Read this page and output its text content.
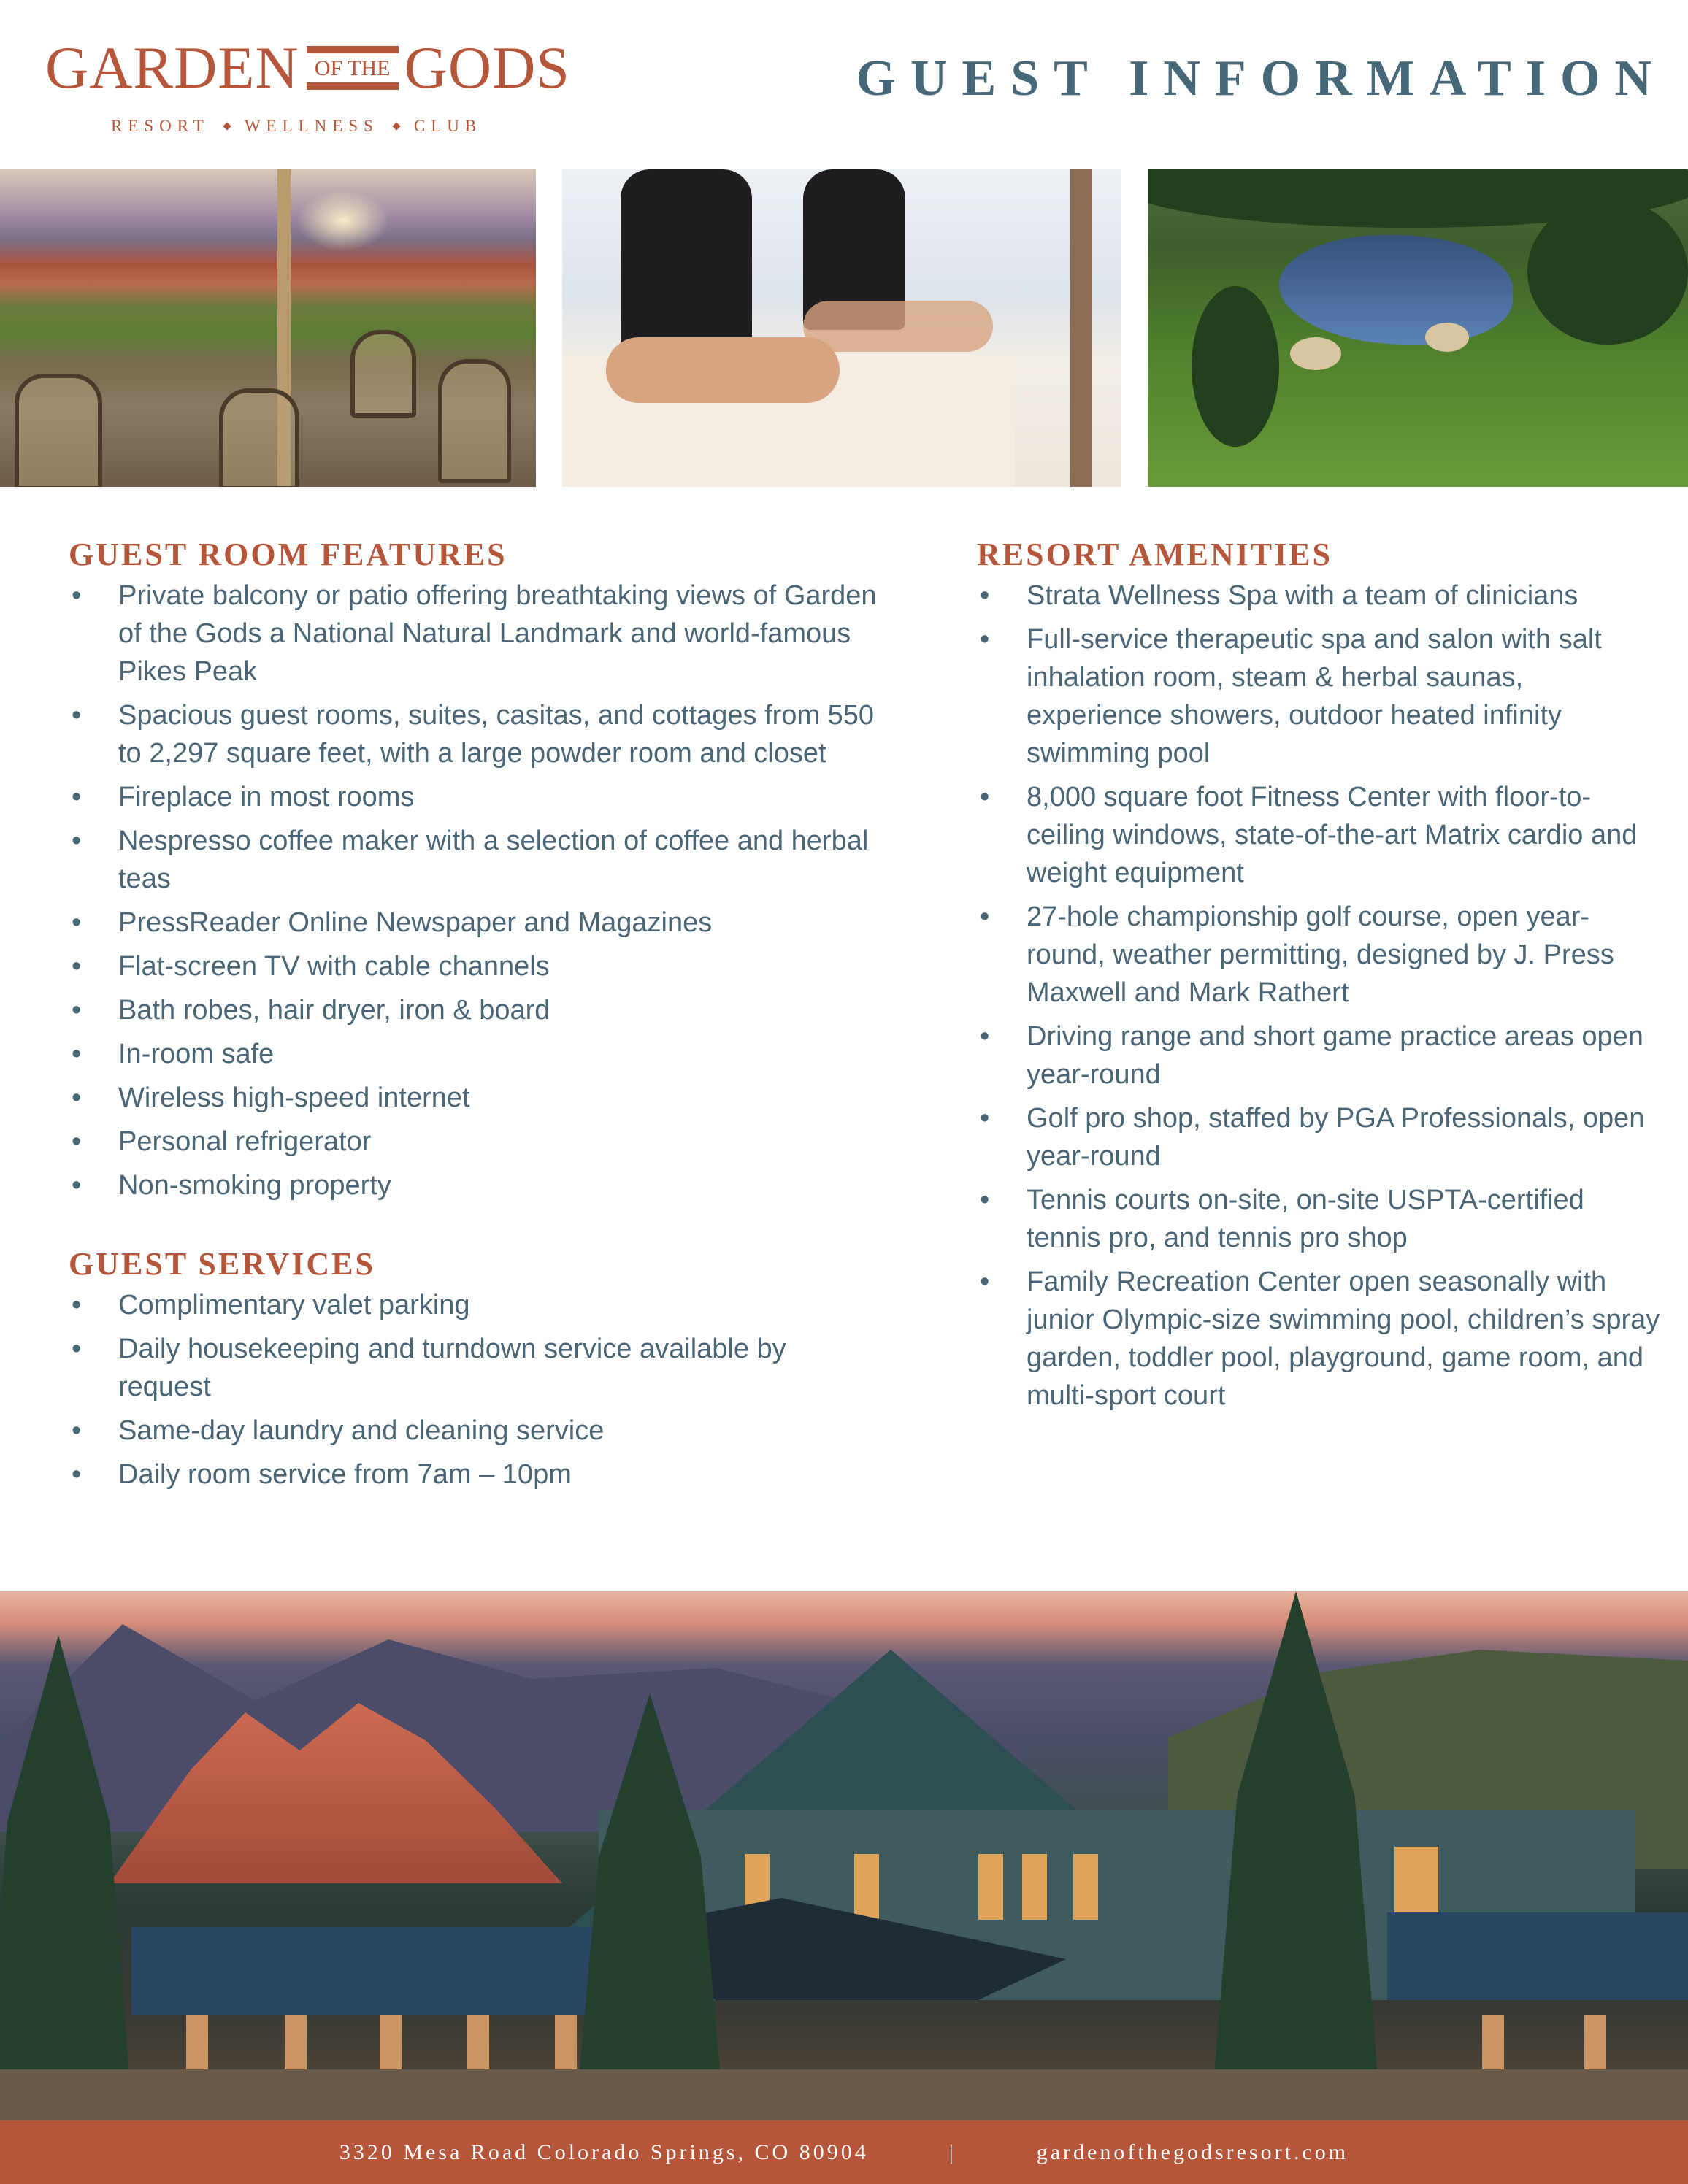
GARDEN OF THE GODS
RESORT WELLNESS CLUB
GUEST INFORMATION
GUEST ROOM FEATURES
• Private balcony or patio offering breathtaking views of Garden of the Gods a National Natural Landmark and world-famous Pikes Peak
• Spacious guest rooms, suites, casitas, and cottages from 550 to 2,297 square feet, with a large powder room and closet
• Fireplace in most rooms
• Nespresso coffee maker with a selection of coffee and herbal teas
• PressReader Online Newspaper and Magazines
• Flat-screen TV with cable channels
• Bath robes, hair dryer, iron & board
• In-room safe
• Wireless high-speed internet
• Personal refrigerator
• Non-smoking property
GUEST SERVICES
• Complimentary valet parking
• Daily housekeeping and turndown service available by request
• Same-day laundry and cleaning service
• Daily room service from 7am – 10pm
RESORT AMENITIES
• Strata Wellness Spa with a team of clinicians
• Full-service therapeutic spa and salon with salt inhalation room, steam & herbal saunas, experience showers, outdoor heated infinity swimming pool
• 8,000 square foot Fitness Center with floor-to-ceiling windows, state-of-the-art Matrix cardio and weight equipment
• 27-hole championship golf course, open year-round, weather permitting, designed by J. Press Maxwell and Mark Rathert
• Driving range and short game practice areas open year-round
• Golf pro shop, staffed by PGA Professionals, open year-round
• Tennis courts on-site, on-site USPTA-certified tennis pro, and tennis pro shop
• Family Recreation Center open seasonally with junior Olympic-size swimming pool, children’s spray garden, toddler pool, playground, game room, and multi-sport court
3320 Mesa Road Colorado Springs, CO 80904	|	gardenofthegodsresort.com
